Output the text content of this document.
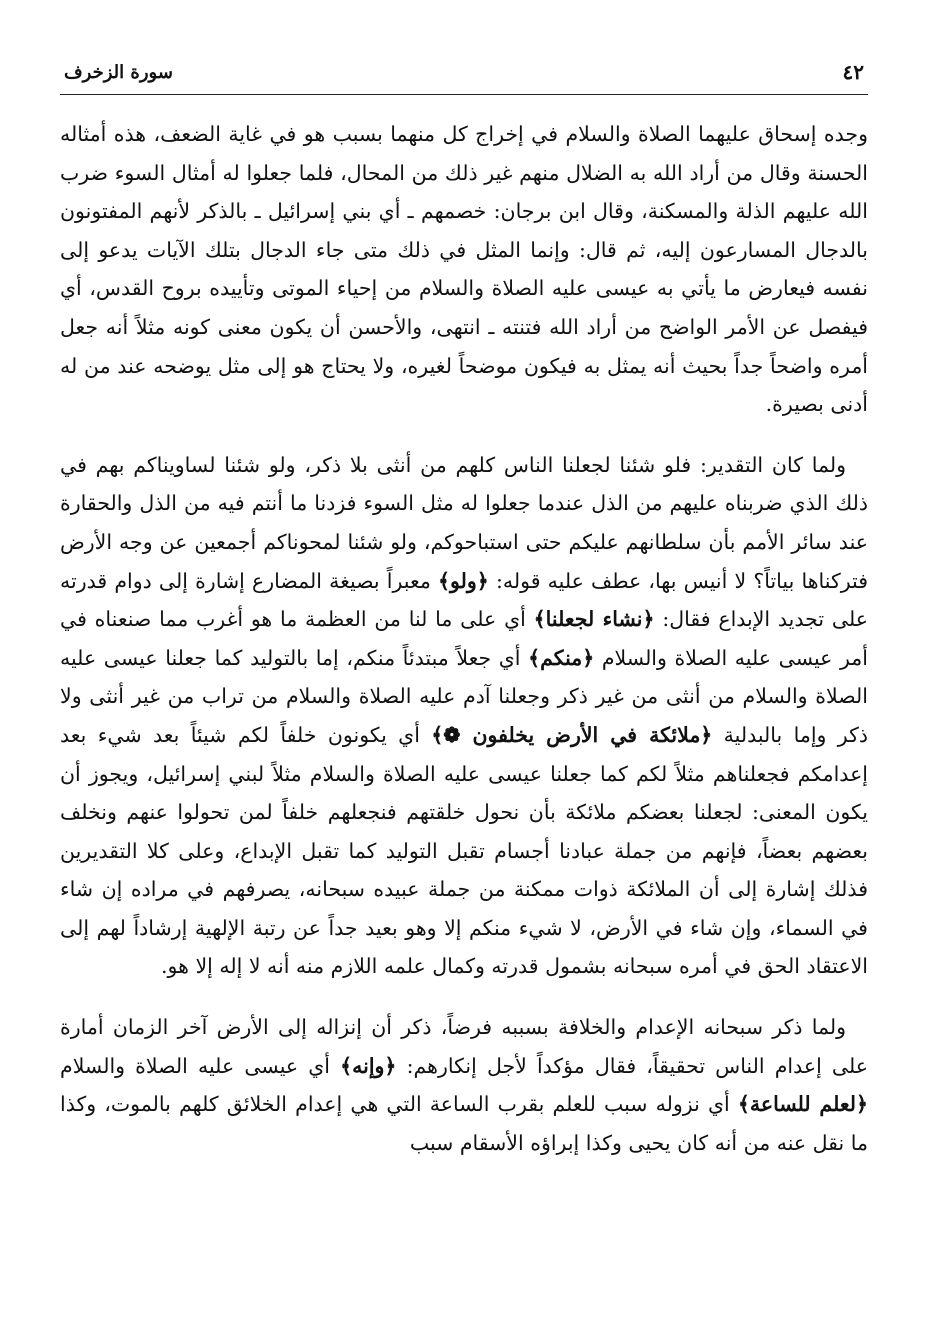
٤٢
سورة الزخرف

وجده إسحاق عليهما الصلاة والسلام في إخراج كل منهما بسبب هو في غاية الضعف، هذه أمثاله الحسنة وقال من أراد الله به الضلال منهم غير ذلك من المحال، فلما جعلوا له أمثال السوء ضرب الله عليهم الذلة والمسكنة، وقال ابن برجان: خصمهم ـ أي بني إسرائيل ـ بالذكر لأنهم المفتونون بالدجال المسارعون إليه، ثم قال: وإنما المثل في ذلك متى جاء الدجال بتلك الآيات يدعو إلى نفسه فيعارض ما يأتي به عيسى عليه الصلاة والسلام من إحياء الموتى وتأييده بروح القدس، أي فيفصل عن الأمر الواضح من أراد الله فتنته ـ انتهى، والأحسن أن يكون معنى كونه مثلاً أنه جعل أمره واضحاً جداً بحيث أنه يمثل به فيكون موضحاً لغيره، ولا يحتاج هو إلى مثل يوضحه عند من له أدنى بصيرة.

ولما كان التقدير: فلو شئنا لجعلنا الناس كلهم من أنثى بلا ذكر، ولو شئنا لساويناكم بهم في ذلك الذي ضربناه عليهم من الذل عندما جعلوا له مثل السوء فزدنا ما أنتم فيه من الذل والحقارة عند سائر الأمم بأن سلطانهم عليكم حتى استباحوكم، ولو شئنا لمحوناكم أجمعين عن وجه الأرض فتركناها بياتاً؟ لا أنيس بها، عطف عليه قوله: ﴿ولو﴾ معبراً بصيغة المضارع إشارة إلى دوام قدرته على تجديد الإبداع فقال: ﴿نشاء لجعلنا﴾ أي على ما لنا من العظمة ما هو أغرب مما صنعناه في أمر عيسى عليه الصلاة والسلام ﴿منكم﴾ أي جعلاً مبتدئاً منكم، إما بالتوليد كما جعلنا عيسى عليه الصلاة والسلام من أنثى من غير ذكر وجعلنا آدم عليه الصلاة والسلام من تراب من غير أنثى ولا ذكر وإما بالبدلية ﴿ملائكة في الأرض يخلفون ❁﴾ أي يكونون خلفاً لكم شيئاً بعد شيء بعد إعدامكم فجعلناهم مثلاً لكم كما جعلنا عيسى عليه الصلاة والسلام مثلاً لبني إسرائيل، ويجوز أن يكون المعنى: لجعلنا بعضكم ملائكة بأن نحول خلقتهم فنجعلهم خلفاً لمن تحولوا عنهم ونخلف بعضهم بعضاً، فإنهم من جملة عبادنا أجسام تقبل التوليد كما تقبل الإبداع، وعلى كلا التقديرين فذلك إشارة إلى أن الملائكة ذوات ممكنة من جملة عبيده سبحانه، يصرفهم في مراده إن شاء في السماء، وإن شاء في الأرض، لا شيء منكم إلا وهو بعيد جداً عن رتبة الإلهية إرشاداً لهم إلى الاعتقاد الحق في أمره سبحانه بشمول قدرته وكمال علمه اللازم منه أنه لا إله إلا هو.

ولما ذكر سبحانه الإعدام والخلافة بسببه فرضاً، ذكر أن إنزاله إلى الأرض آخر الزمان أمارة على إعدام الناس تحقيقاً، فقال مؤكداً لأجل إنكارهم: ﴿وإنه﴾ أي عيسى عليه الصلاة والسلام ﴿لعلم للساعة﴾ أي نزوله سبب للعلم بقرب الساعة التي هي إعدام الخلائق كلهم بالموت، وكذا ما نقل عنه من أنه كان يحيى وكذا إبراؤه الأسقام سبب
